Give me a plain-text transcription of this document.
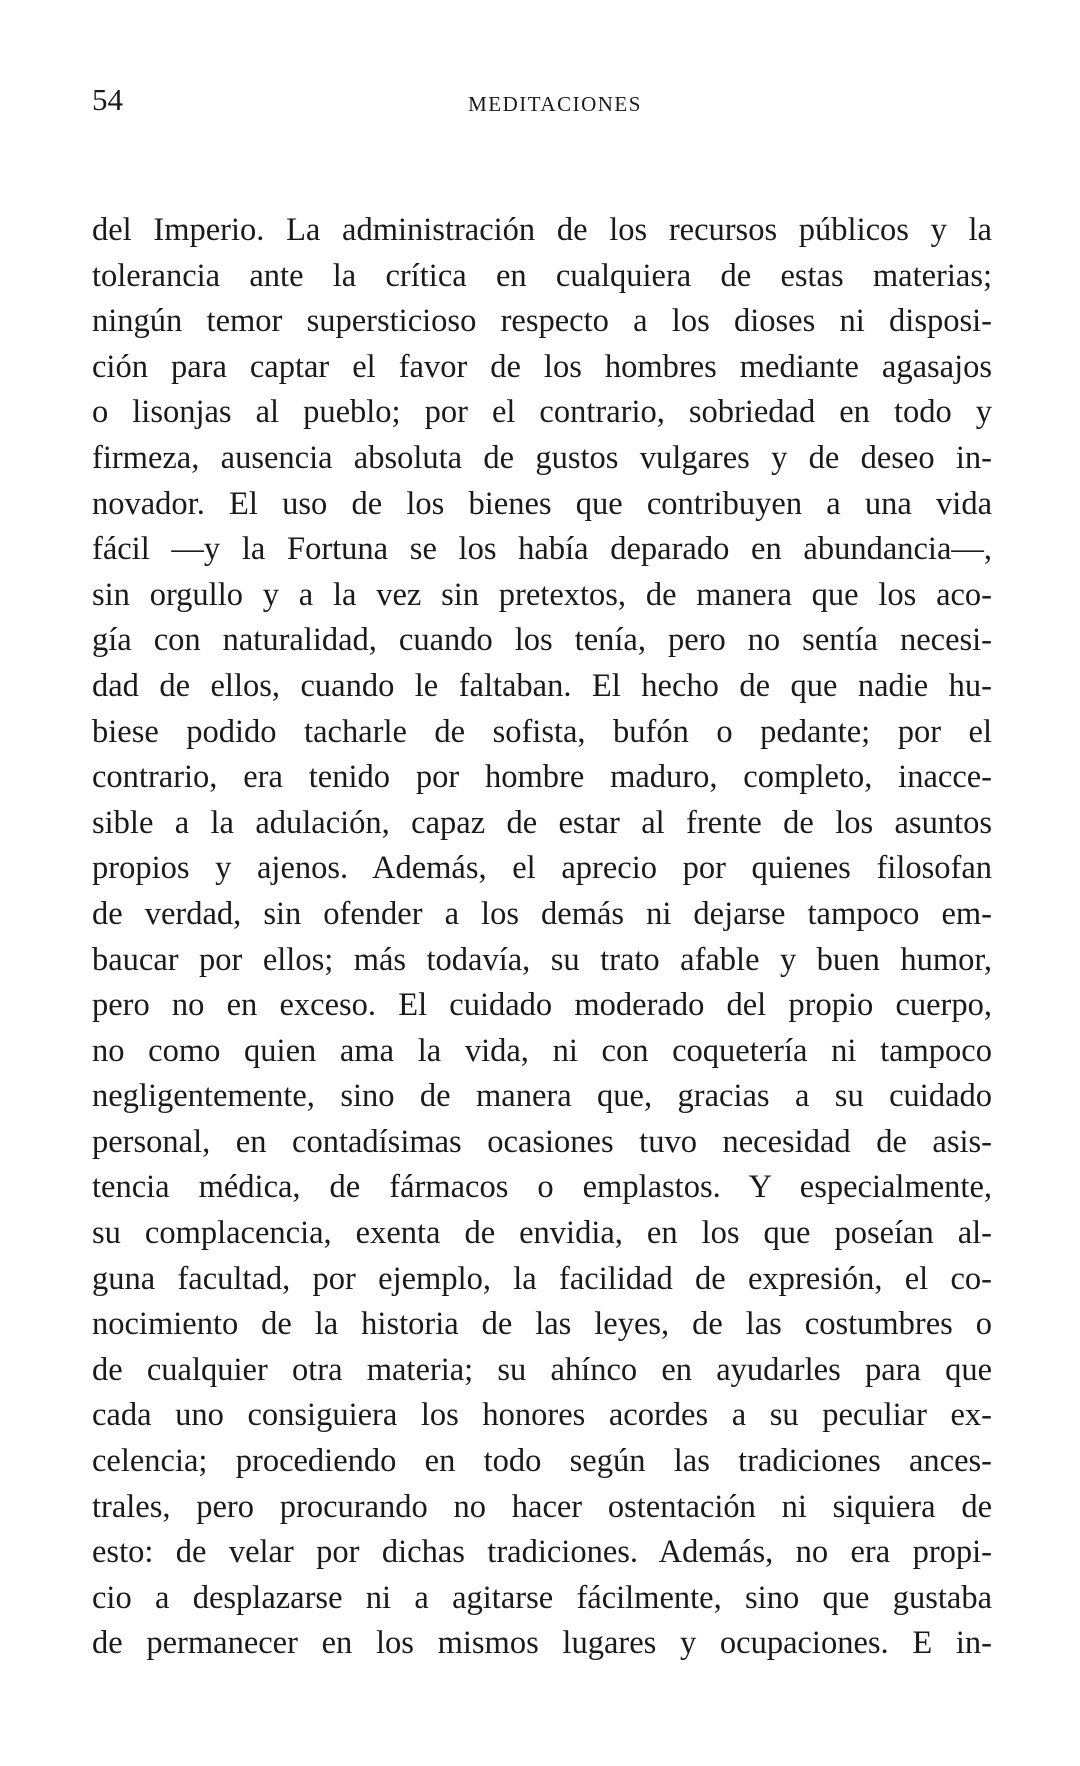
54	MEDITACIONES
del Imperio. La administración de los recursos públicos y la
tolerancia ante la crítica en cualquiera de estas materias;
ningún temor supersticioso respecto a los dioses ni disposi-
ción para captar el favor de los hombres mediante agasajos
o lisonjas al pueblo; por el contrario, sobriedad en todo y
firmeza, ausencia absoluta de gustos vulgares y de deseo in-
novador. El uso de los bienes que contribuyen a una vida
fácil —y la Fortuna se los había deparado en abundancia—,
sin orgullo y a la vez sin pretextos, de manera que los aco-
gía con naturalidad, cuando los tenía, pero no sentía necesi-
dad de ellos, cuando le faltaban. El hecho de que nadie hu-
biese podido tacharle de sofista, bufón o pedante; por el
contrario, era tenido por hombre maduro, completo, inacce-
sible a la adulación, capaz de estar al frente de los asuntos
propios y ajenos. Además, el aprecio por quienes filosofan
de verdad, sin ofender a los demás ni dejarse tampoco em-
baucar por ellos; más todavía, su trato afable y buen humor,
pero no en exceso. El cuidado moderado del propio cuerpo,
no como quien ama la vida, ni con coquetería ni tampoco
negligentemente, sino de manera que, gracias a su cuidado
personal, en contadísimas ocasiones tuvo necesidad de asis-
tencia médica, de fármacos o emplastos. Y especialmente,
su complacencia, exenta de envidia, en los que poseían al-
guna facultad, por ejemplo, la facilidad de expresión, el co-
nocimiento de la historia de las leyes, de las costumbres o
de cualquier otra materia; su ahínco en ayudarles para que
cada uno consiguiera los honores acordes a su peculiar ex-
celencia; procediendo en todo según las tradiciones ances-
trales, pero procurando no hacer ostentación ni siquiera de
esto: de velar por dichas tradiciones. Además, no era propi-
cio a desplazarse ni a agitarse fácilmente, sino que gustaba
de permanecer en los mismos lugares y ocupaciones. E in-
